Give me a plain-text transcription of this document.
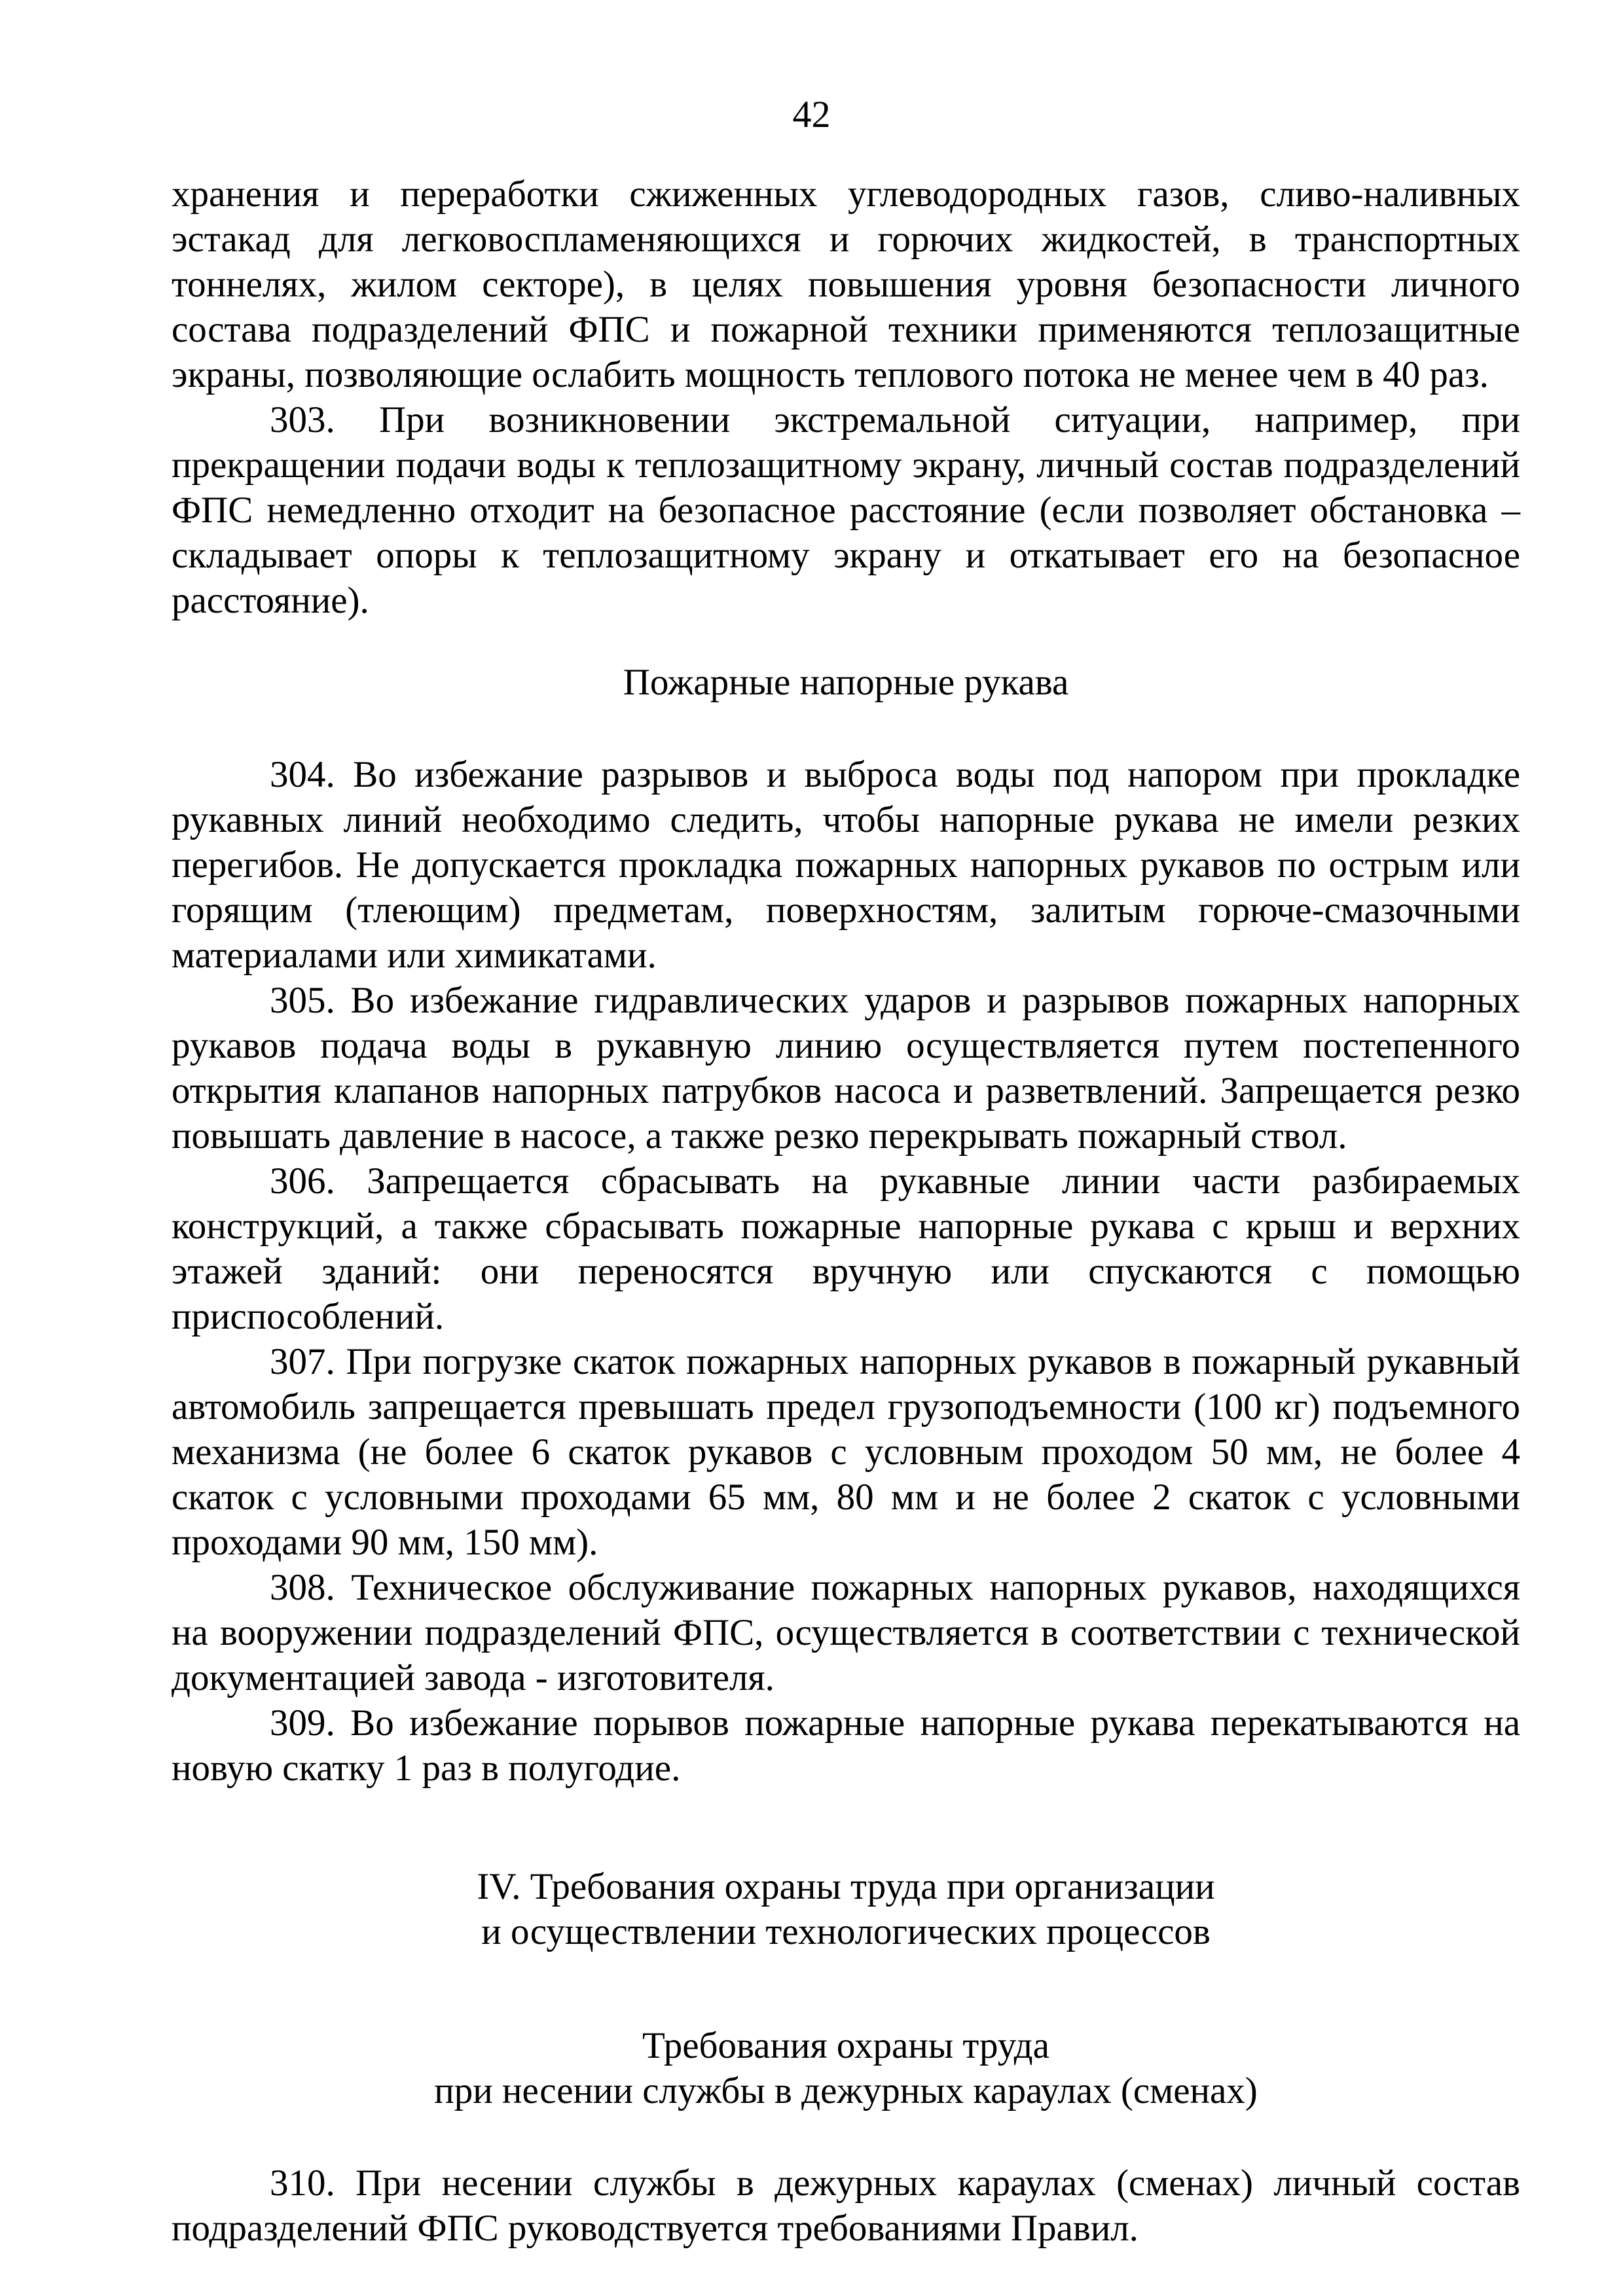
42

хранения и переработки сжиженных углеводородных газов, сливо-наливных эстакад для легковоспламеняющихся и горючих жидкостей, в транспортных тоннелях, жилом секторе), в целях повышения уровня безопасности личного состава подразделений ФПС и пожарной техники применяются теплозащитные экраны, позволяющие ослабить мощность теплового потока не менее чем в 40 раз.

303. При возникновении экстремальной ситуации, например, при прекращении подачи воды к теплозащитному экрану, личный состав подразделений ФПС немедленно отходит на безопасное расстояние (если позволяет обстановка – складывает опоры к теплозащитному экрану и откатывает его на безопасное расстояние).

Пожарные напорные рукава

304. Во избежание разрывов и выброса воды под напором при прокладке рукавных линий необходимо следить, чтобы напорные рукава не имели резких перегибов. Не допускается прокладка пожарных напорных рукавов по острым или горящим (тлеющим) предметам, поверхностям, залитым горюче-смазочными материалами или химикатами.

305. Во избежание гидравлических ударов и разрывов пожарных напорных рукавов подача воды в рукавную линию осуществляется путем постепенного открытия клапанов напорных патрубков насоса и разветвлений. Запрещается резко повышать давление в насосе, а также резко перекрывать пожарный ствол.

306. Запрещается сбрасывать на рукавные линии части разбираемых конструкций, а также сбрасывать пожарные напорные рукава с крыш и верхних этажей зданий: они переносятся вручную или спускаются с помощью приспособлений.

307. При погрузке скаток пожарных напорных рукавов в пожарный рукавный автомобиль запрещается превышать предел грузоподъемности (100 кг) подъемного механизма (не более 6 скаток рукавов с условным проходом 50 мм, не более 4 скаток с условными проходами 65 мм, 80 мм и не более 2 скаток с условными проходами 90 мм, 150 мм).

308. Техническое обслуживание пожарных напорных рукавов, находящихся на вооружении подразделений ФПС, осуществляется в соответствии с технической документацией завода - изготовителя.

309. Во избежание порывов пожарные напорные рукава перекатываются на новую скатку 1 раз в полугодие.

IV. Требования охраны труда при организации

и осуществлении технологических процессов

Требования охраны труда

при несении службы в дежурных караулах (сменах)

310. При несении службы в дежурных караулах (сменах) личный состав подразделений ФПС руководствуется требованиями Правил.
